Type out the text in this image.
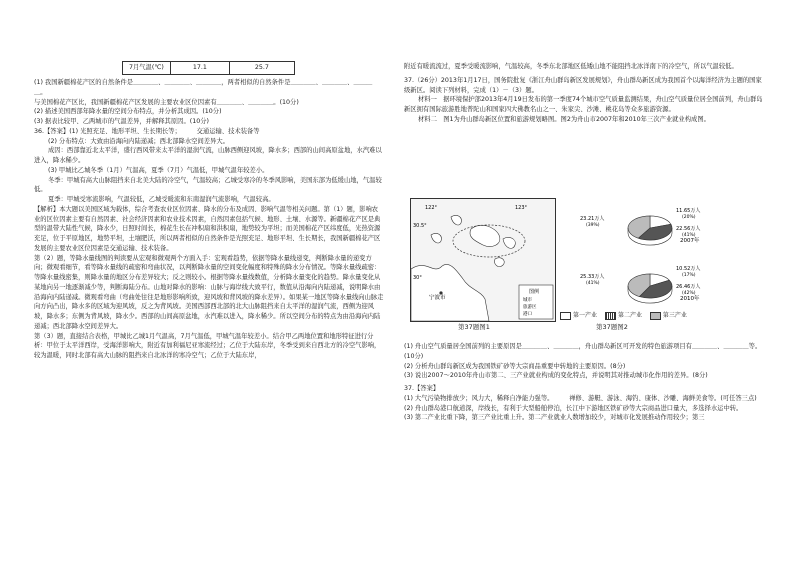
7月气温(℃)	17.1	25.7

(1) 我国新疆棉花产区的自然条件是＿＿＿＿、＿＿＿＿、＿＿＿＿，两者相似的自然条件是＿＿＿＿、＿＿＿＿、＿＿＿＿。

与美国棉花产区比，我国新疆棉花产区发展的主要农业区位因素有＿＿＿＿、＿＿＿＿。(10分)

(2) 描述美国西部年降水量的空间分布特点，并分析其成因。(10分)

(3) 据表比较甲、乙两城市的气温差异，并解释其原因。(10分)

36.【答案】(1) 光照充足、地形平坦、生长期长等；　　　交通运输、技术装备等

(2) 分布特点：大致由沿海向内陆递减；西北部降水空间差异大。

成因：西部靠近北太平洋，盛行西风带来太平洋的湿润气流，山脉西侧迎风坡，降水多；西部的山间高原盆地，水汽难以进入，降水稀少。

(3) 甲城比乙城冬季（1月）气温高，夏季（7月）气温低，甲城气温年较差小。

冬季：甲城有高大山脉阻挡来自北美大陆的冷空气，气温较高；乙城受寒冷的冬季风影响，美国东部为低缓山地，气温较低。

夏季：甲城受寒流影响，气温较低，乙城受暖流和东南湿润气流影响，气温较高。

【解析】本大题以美国区域为载体，综合考查农业区位因素、降水的分布及成因、影响气温等相关问题。第（1）题，影响农业的区位因素主要有自然因素、社会经济因素和农业技术因素，自然因素包括气候、地形、土壤、水源等。新疆棉花产区是典型的温带大陆性气候，降水少，日照时间长，棉花生长在冲积扇和洪积扇，地势较为平坦；而美国棉花产区纬度低，光热资源充足，位于平原地区，地势平坦，土壤肥沃，所以两者相似的自然条件是光照充足、地形平坦、生长期长，我国新疆棉花产区发展的主要农业区位因素是交通运输、技术装备。

第（2）题，等降水量线图的判读要从宏观和微观两个方面入手：宏观看趋势，依据等降水量线递变，判断降水量的递变方向；微观看细节，看等降水量线的疏密和弯曲状况，以判断降水量的空间变化幅度和特殊的降水分布情况。等降水量线疏密：等降水量线密集，则降水量的地区分布差异较大；反之则较小。根据等降水量线数值，分析降水量变化的趋势。降水量变化从某地向另一地逐渐减少等，判断海陆分布。山地对降水的影响：山脉与海岸线大致平行，数值从沿海向内陆递减，说明降水由沿海向内陆递减。微观看弯曲（弯曲处往往是地形影响所致，迎风坡和背风坡的降水差异）。如果某一地区等降水量线向山脉走向方向凸出，降水多的区域为迎风坡，反之为背风坡。美国西部西北部的北大山脉阻挡来自太平洋的湿润气流，西侧为迎风坡，降水多；东侧为背风坡，降水少。西部的山间高原盆地，水汽难以进入，降水稀少。所以空间分布的特点为由沿海向内陆递减；西北部降水空间差异大。

第（3）题，直接结合表格，甲城比乙城1月气温高，7月气温低，甲城气温年较差小。结合甲乙两地位置和地形特征进行分析：甲位于太平洋西岸，受海洋影响大，附近有加利福尼亚寒流经过；乙位于大陆东岸，冬季受到来自西北方的冷空气影响，较为温暖，同时北部有高大山脉的阻挡来自北冰洋的寒冷空气；乙位于大陆东岸，

附近有暖流流过，夏季受暖流影响，气温较高，冬季东北部地区低矮山地不能阻挡北冰洋南下的冷空气，所以气温较低。

37.（26分）2013年1月17日，国务院批复《浙江舟山群岛新区发展规划》，舟山群岛新区成为我国首个以海洋经济为主题的国家级新区。阅读下列材料，完成（1）－（3）题。

材料一　据环境保护部2013年4月19日发布的第一季度74个城市空气质量监测结果，舟山空气质量位居全国前列，舟山群岛新区拥有国际旅游胜地普陀山和国家四大佛教名山之一、朱家尖、沙滩、桃花岛等众多旅游资源。

材料二　图1为舟山群岛新区位置和旅游规划略图。图2为舟山市2007年和2010年三次产业就业构成图。

122°	123°
30.5°
30°
宁波市
图例
城市
旅游区
港口
2007年
11.65万人
(20%)
23.21万人
(39%)
22.56万人
(41%)
2010年
10.52万人
(17%)
25.33万人
(41%)
26.46万人
(42%)
第37题图1
第一产业	第二产业	第三产业
第37题图2

(1) 舟山空气质量居全国前列的主要原因是＿＿＿＿、＿＿＿＿，舟山群岛新区可开发的特色旅游项目有＿＿＿＿、＿＿＿＿等。(10分)

(2) 分析舟山群岛新区成为我国铁矿砂等大宗商品重要中转地的主要原因。(8分)

(3) 说出2007～2010年舟山市第二、三产业就业构成的变化特点，并说明其对推动城市化作用的差异。(8分)

37.【答案】

(1) 大气污染物排放少；风力大，稀释自净能力强等。　　　禅修、游艇、游泳、海钓、康体、沙雕、海鲜美食等。(可任答三点)

(2) 舟山群岛港口航道深，岸线长，有利于大型船舶停泊，长江中下游地区铁矿砂等大宗商品进口量大，多选择水运中转。

(3) 第二产业比重下降，第三产业比重上升。第二产业就业人数增加较少，对城市化发展推动作用较少；第三
